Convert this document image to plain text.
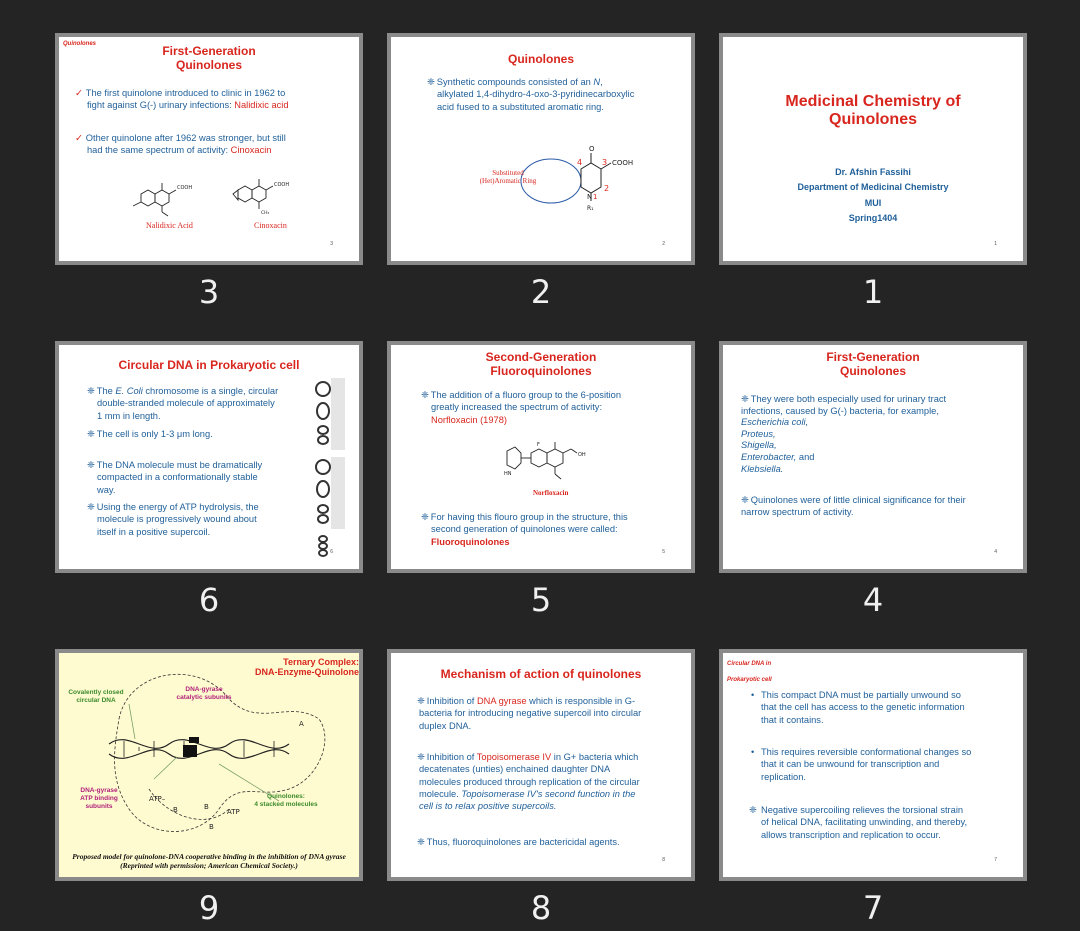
Quinolones	First-Generation
Quinolones
✓ The first quinolone introduced to clinic in 1962 to
fight against G(-) urinary infections: Nalidixic acid
✓ Other quinolone after 1962 was stronger, but still
had the same spectrum of activity: Cinoxacin
COOH	COOH
CH₃
Nalidixic Acid	Cinoxacin
3
3
Quinolones
❈ Synthetic compounds consisted of an N,
alkylated 1,4-dihydro-4-oxo-3-pyridinecarboxylic
acid fused to a substituted aromatic ring.
O
COOH
4 3
2
1
N
R₁
Substituted
(Het)Aromatic Ring
2
2
Medicinal Chemistry of
Quinolones
Dr. Afshin Fassihi
Department of Medicinal Chemistry
MUI
Spring1404
1
1
Circular DNA in Prokaryotic cell
❈ The E. Coli chromosome is a single, circular
double-stranded molecule of approximately
1 mm in length.
❈ The cell is only 1-3 μm long.
❈ The DNA molecule must be dramatically
compacted in a conformationally stable
way.
❈ Using the energy of ATP hydrolysis, the
molecule is progressively wound about
itself in a positive supercoil.
6
6
Second-Generation
Fluoroquinolones
❈ The addition of a fluoro group to the 6-position
greatly increased the spectrum of activity:
Norfloxacin (1978)
F
HN
OH
Norfloxacin
❈ For having this flouro group in the structure, this
second generation of quinolones were called:
Fluoroquinolones
5
5
First-Generation
Quinolones
❈ They were both especially used for urinary tract
infections, caused by G(-) bacteria, for example,
Escherichia coli,
Proteus,
Shigella,
Enterobacter, and
Klebsiella.
❈ Quinolones were of little clinical significance for their
narrow spectrum of activity.
4
4
Ternary Complex:
DNA-Enzyme-Quinolone
A
B
B
B
ATP–
ATP
Covalently closed
circular DNA
DNA-gyrase
catalytic subunits
DNA-gyrase
ATP binding
subunits
Quinolones:
4 stacked molecules
Proposed model for quinolone-DNA cooperative binding in the inhibition of DNA gyrase
(Reprinted with permission; American Chemical Society.)
9
Mechanism of action of quinolones
❈ Inhibition of DNA gyrase which is responsible in G-
bacteria for introducing negative supercoil into circular
duplex DNA.
❈ Inhibition of Topoisomerase IV in G+ bacteria which
decatenates (unties) enchained daughter DNA
molecules produced through replication of the circular
molecule. Topoisomerase IV's second function in the
cell is to relax positive supercoils.
❈ Thus, fluoroquinolones are bactericidal agents.
8
8
Circular DNA in
Prokaryotic cell
• This compact DNA must be partially unwound so
that the cell has access to the genetic information
that it contains.
• This requires reversible conformational changes so
that it can be unwound for transcription and
replication.
❈ Negative supercoiling relieves the torsional strain
of helical DNA, facilitating unwinding, and thereby,
allows transcription and replication to occur.
7
7
